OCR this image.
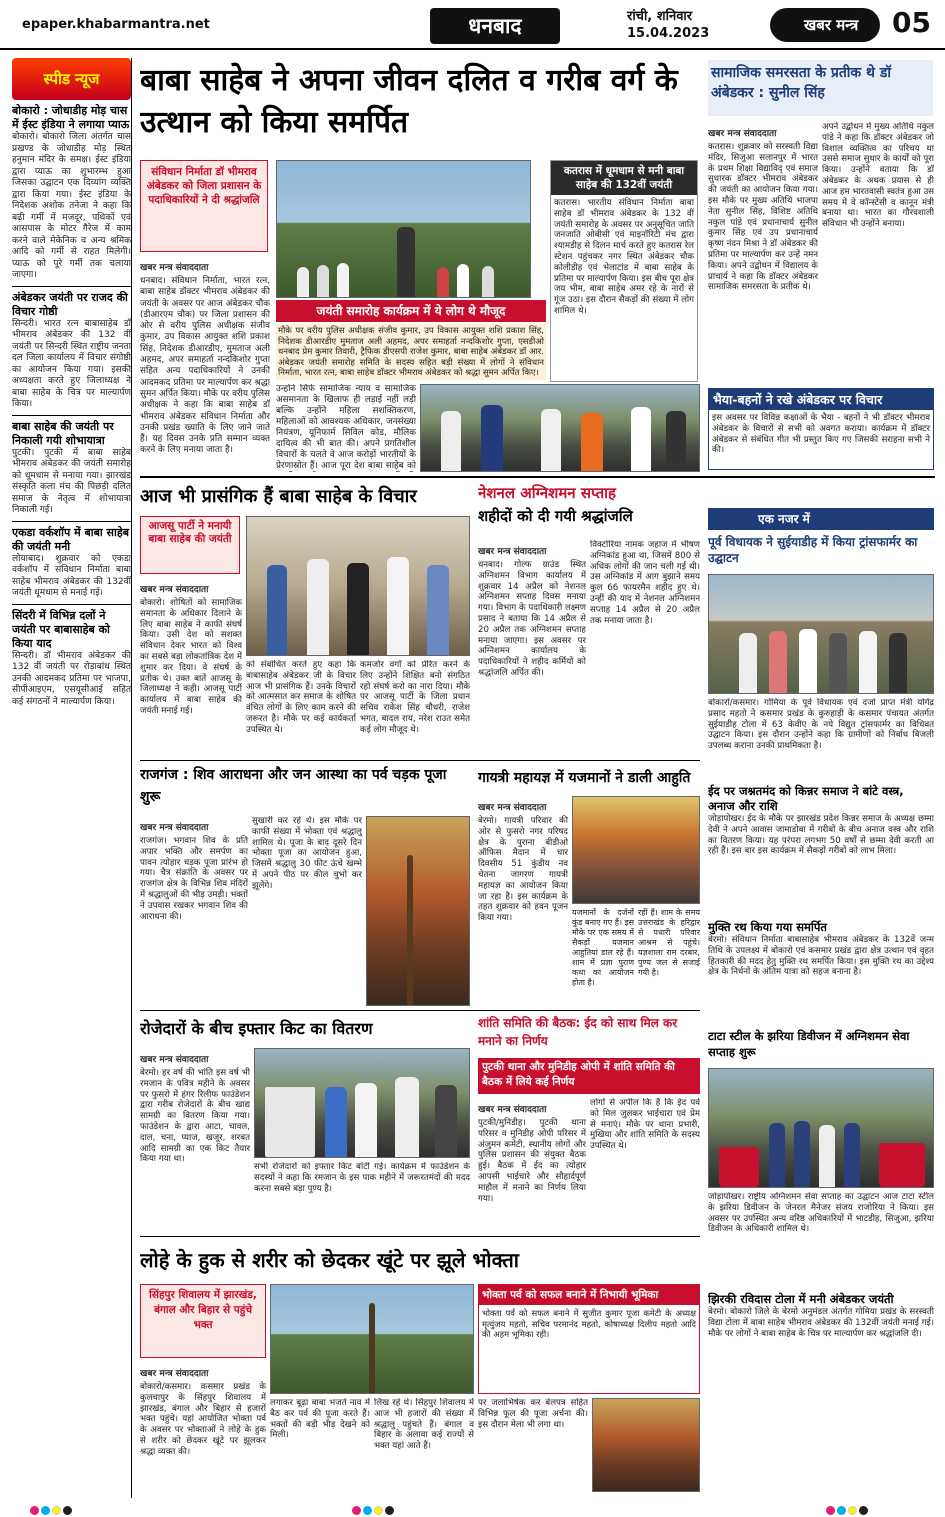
epaper.khabarmantra.net	धनबाद	रांची, शनिवार
15.04.2023	खबर मन्त्र	05
स्पीड न्यूज
बोकारो : जोधाडीह मोड़ चास में ईस्ट इंडिया ने लगाया प्याऊ
बोकारो। बोकारो जिला अंतर्गत चास प्रखण्ड के जोधाडीह मोड़ स्थित हनुमान मंदिर के समक्ष। ईस्ट इंडिया द्वारा प्याऊ का शुभारम्भ हुआ जिसका उद्घाटन एक दिव्यांग व्यक्ति द्वारा किया गया। ईस्ट इंडिया के निदेशक अशोक तनेजा ने कहा कि बढ़ी गर्मी में मजदूर, पथिकों एवं आसपास के मोटर गैरेज में काम करने वाले मेकेनिक व अन्य श्रमिक आदि को गर्मी से राहत मिलेगी। प्याऊ को पूरे गर्मी तक चलाया जाएगा।
अंबेडकर जयंती पर राजद की विचार गोष्ठी
सिन्दरी। भारत रत्न बाबासाहेब डॉ भीमराव अंबेडकर की 132 वीं जयंती पर सिन्दरी स्थित राष्ट्रीय जनता दल जिला कार्यालय में विचार संगोष्ठी का आयोजन किया गया। इसकी अध्यक्षता करते हुए जिलाध्यक्ष ने बाबा साहेब के चित्र पर माल्यार्पण किया।
बाबा साहेब की जयंती पर निकाली गयी शोभायात्रा
पुटकी। पुटकी में बाबा साहेब भीमराव अंबेडकर की जयंती समारोह को धूमधाम से मनाया गया। झारखंड संस्कृति कला मंच की पिछड़ी दलित समाज के नेतृत्व में शोभायात्रा निकाली गई।
एकडा वर्कशॉप में बाबा साहेब की जयंती मनी
लोयाबाद। शुक्रवार को एकडा वर्कशॉप में संविधान निर्माता बाबा साहेब भीमराव अंबेडकर की 132वीं जयंती धूमधाम से मनाई गई।
सिंदरी में विभिन्न दलों ने जयंती पर बाबासाहेब को किया याद
सिन्दरी। डॉ भीमराव अंबेडकर की 132 वीं जयंती पर रोड़ाबांध स्थित उनकी आदमकद प्रतिमा पर भाजपा, सीपीआइएम, एसयूसीआई सहित कई संगठनों ने माल्यार्पण किया।
बाबा साहेब ने अपना जीवन दलित व गरीब वर्ग के उत्थान को किया समर्पित
संविधान निर्माता डॉ भीमराव अंबेडकर को जिला प्रशासन के पदाधिकारियों ने दी श्रद्धांजलि
खबर मन्त्र संवाददाता
धनबाद। संविधान निर्माता, भारत रत्न, बाबा साहेब डॉक्टर भीमराव अंबेडकर की जयंती के अवसर पर आज अंबेडकर चौक (डीआरएम चौक) पर जिला प्रशासन की ओर से वरीय पुलिस अधीक्षक संजीव कुमार, उप विकास आयुक्त शशि प्रकाश सिंह, निदेशक डीआरडीए, मुमताज अली अहमद, अपर समाहर्ता नन्दकिशोर गुप्ता सहित अन्य पदाधिकारियों ने उनकी आदमकद प्रतिमा पर माल्यार्पण कर श्रद्धा सुमन अर्पित किया। मौके पर वरीय पुलिस अधीक्षक ने कहा कि बाबा साहेब डॉ भीमराव अंबेडकर संविधान निर्माता और उनकी प्रखंड ख्याति के लिए जाने जाते हैं। यह दिवस उनके प्रति सम्मान व्यक्त करने के लिए मनाया जाता है।
जयंती समारोह कार्यक्रम में ये लोग थे मौजूद
मौके पर वरीय पुलिस अधीक्षक संजीव कुमार, उप विकास आयुक्त शशि प्रकाश सिंह, निदेशक डीआरडीए मुमताज अली अहमद, अपर समाहर्ता नन्दकिशोर गुप्ता, एसडीओ धनबाद प्रेम कुमार तिवारी, ट्रैफिक डीएसपी राजेश कुमार, बाबा साहेब अंबेडकर डॉ आर. अंबेडकर जयंती समारोह समिति के सदस्य सहित बड़ी संख्या में लोगों ने संविधान निर्माता, भारत रत्न, बाबा साहेब डॉक्टर भीमराव अंबेडकर को श्रद्धा सुमन अर्पित किए।
उन्होंने सिर्फ सामाजिक न्याय व सामाजिक असमानता के खिलाफ ही लड़ाई नहीं लड़ी बल्कि उन्होंने महिला सशक्तिकरण, महिलाओं को आवश्यक अधिकार, जनसंख्या नियंत्रण, यूनिफार्म सिविल कोड, मौलिक दायित्व की भी बात की। अपने प्रगतिशील विचारों के चलते वे आज करोड़ों भारतीयों के प्रेरणास्रोत हैं। आज पूरा देश बाबा साहेब को
कतरास में धूमधाम से मनी बाबा साहेब की 132वीं जयंती
कतरास। भारतीय संविधान निर्माता बाबा साहेब डॉ भीमराव अंबेडकर के 132 वीं जयंती समारोह के अवसर पर अनुसूचित जाति जनजाति ओबीसी एवं माइनॉरिटी मंच द्वारा श्यामडीह से दिलन मार्च करते हुए कतरास रेल स्टेशन पहुंचकर नगर स्थित अंबेडकर चौक कोलीडीह एवं भेलाटांड में बाबा साहेब के प्रतिमा पर माल्यार्पण किया। इस बीच पूरा क्षेत्र जय भीम, बाबा साहेब अमर रहे के नारों से गूंज उठा। इस दौरान सैकड़ों की संख्या में लोग शामिल थे।
सामाजिक समरसता के प्रतीक थे डॉ अंबेडकर : सुनील सिंह
खबर मन्त्र संवाददाता
कतरास। शुक्रवार को सरस्वती विद्या मंदिर, सिजुआ सलानपुर में भारत के प्रथम शिक्षा विद्याविद् एवं समाज सुधारक डॉक्टर भीमराव अंबेडकर की जयंती का आयोजन किया गया। इस मौके पर मुख्य अतिथि भाजपा नेता सुनील सिंह, विशिष्ट अतिथि नकुल पांडे एवं प्रधानाचार्य सुनील कुमार सिंह एवं उप प्रधानाचार्य कृष्ण नंदन मिश्रा ने डॉ अंबेडकर की प्रतिमा पर माल्यार्पण कर उन्हें नमन किया। अपने उद्बोधन में विद्यालय के प्राचार्य ने कहा कि डॉक्टर अंबेडकर सामाजिक समरसता के प्रतीक थे।
अपने उद्बोधन में मुख्य अतिथि नकुल पांडे ने कहा कि डॉक्टर अंबेडकर जो विशाल व्यक्तित्व का परिचय था उससे समाज सुधार के कार्यों को पूरा किया। उन्होंने बताया कि डॉ अंबेडकर के अथक प्रयास से ही आज हम भारतवासी स्वतंत्र हुआ उस समय में वे कॉन्स्टेंसी व कानून मंत्री बनाया था। भारत का गौरवशाली संविधान भी उन्होंने बनाया।
भैया-बहनों ने रखे अंबेडकर पर विचार
इस अवसर पर विविन्न कक्षाओं के भैया - बहनों ने भी डॉक्टर भीमराव अंबेडकर के विचारों से सभी को अवगत कराया। कार्यक्रम में डॉक्टर अंबेडकर से संबंधित गीत भी प्रस्तुत किए गए जिसकी सराहना सभी ने की।
आज भी प्रासंगिक हैं बाबा साहेब के विचार
आजसू पार्टी ने मनायी बाबा साहेब की जयंती
खबर मन्त्र संवाददाता
बोकारो। शोषितों को सामाजिक समानता के अधिकार दिलाने के लिए बाबा साहेब ने काफी संघर्ष किया। उसी देश को सशक्त संविधान देकर भारत को विश्व का सबसे बड़ा लोकतांत्रिक देश में शुमार कर दिया। वे संघर्ष के प्रतीक थे। उक्त बातें आजसू के जिलाध्यक्ष ने कही। आजसू पार्टी कार्यालय में बाबा साहेब की जयंती मनाई गई।
को संबोधित करते हुए कहा कि बाबासाहेब अंबेडकर जी के विचार आज भी प्रासंगिक हैं। उनके विचारों को आत्मसात कर समाज के शोषित वंचित लोगों के लिए काम करने की जरूरत है। मौके पर कई कार्यकर्ता उपस्थित थे।
कमजोर वर्गों को प्रेरित करने के लिए उन्होंने शिक्षित बनो संगठित रहो संघर्ष करो का नारा दिया। मौके पर आजसू पार्टी के जिला प्रधान सचिव राकेश सिंह चौधरी, राजेश भगत, बादल राय, नरेश राउत समेत कई लोग मौजूद थे।
नेशनल अग्निशमन सप्ताह
शहीदों को दी गयी श्रद्धांजलि
खबर मन्त्र संवाददाता
धनबाद। गोल्फ ग्राउंड स्थित अग्निशमन विभाग कार्यालय में शुक्रवार 14 अप्रैल को नेशनल अग्निशमन सप्ताह दिवस मनाया गया। विभाग के पदाधिकारी लक्ष्मण प्रसाद ने बताया कि 14 अप्रैल से 20 अप्रैल तक अग्निशमन सप्ताह मनाया जाएगा। इस अवसर पर अग्निशमन कार्यालय के पदाधिकारियों ने शहीद कर्मियों को श्रद्धांजलि अर्पित की।
विक्टोरिया नामक जहाज में भीषण अग्निकांड हुआ था, जिसमें 800 से अधिक लोगों की जान चली गई थी। उस अग्निकांड में आग बुझाने समय कुल 66 फायरमैन शहीद हुए थे। उन्हीं की याद में नेशनल अग्निशमन सप्ताह 14 अप्रैल से 20 अप्रैल तक मनाया जाता है।
एक नजर में
पूर्व विधायक ने सुईयाडीह में किया ट्रांसफार्मर का उद्घाटन
बोकारो/कसमार। गोमिया के पूर्व विधायक एवं दर्जा प्राप्त मंत्री योगेंद्र प्रसाद महतो ने कसमार प्रखंड के कुरुहाड़ी के कसमार पंचायत अंतर्गत सुईयाडीह टोला में 63 केवीए के नये विद्युत ट्रांसफार्मर का विधिवत उद्घाटन किया। इस दौरान उन्होंने कहा कि ग्रामीणों को निर्बाध बिजली उपलब्ध कराना उनकी प्राथमिकता है।
ईद पर जश्नतमंद को किन्नर समाज ने बांटे वस्त्र, अनाज और राशि
जोड़ापोखर। ईद के मौके पर झारखंड प्रदेश किन्नर समाज के अध्यक्ष छम्मा देवी ने अपने आवास जामाडोबा में गरीबों के बीच अनाज वस्त्र और राशि का वितरण किया। यह परंपरा लगभग 50 वर्षों से छम्मा देवी करती आ रही हैं। इस बार इस कार्यक्रम में सैकड़ों गरीबों को लाभ मिला।
मुक्ति रथ किया गया समर्पित
बेरमो। संविधान निर्माता बाबासाहेब भीमराव अंबेडकर के 132वें जन्म तिथि के उपलक्ष्य में बोकारो एवं कसमार प्रखंड द्वारा क्षेत्र उत्थान एवं वृहत हितकारी की मदद हेतु मुक्ति रथ समर्पित किया। इस मुक्ति रथ का उद्देश्य क्षेत्र के निर्धनों के अंतिम यात्रा को सहज बनाना है।
टाटा स्टील के झरिया डिवीजन में अग्निशमन सेवा सप्ताह शुरू
जोड़ापोखर। राष्ट्रीय अग्निशमन सेवा सप्ताह का उद्घाटन आज टाटा स्टील के झरिया डिवीजन के जेनरल मैनेजर संजय राजोरिया ने किया। इस अवसर पर उपस्थित अन्य वरिष्ठ अधिकारियों में भाटडीह, सिजुआ, झरिया डिवीजन के अधिकारी शामिल थे।
झिरकी रविदास टोला में मनी अंबेडकर जयंती
बेरमो। बोकारो जिले के बेरमो अनुमंडल अंतर्गत गोमिया प्रखंड के सरस्वती विद्या टोला में बाबा साहेब भीमराव अंबेडकर की 132वीं जयंती मनाई गई। मौके पर लोगों ने बाबा साहेब के चित्र पर माल्यार्पण कर श्रद्धांजलि दी।
राजगंज : शिव आराधना और जन आस्था का पर्व चड़क पूजा शुरू
खबर मन्त्र संवाददाता
राजगंज। भगवान शिव के प्रति अपार भक्ति और समर्पण का पावन त्योहार चड़क पूजा प्रारंभ हो गया। चैत्र संक्रांति के अवसर पर राजगंज क्षेत्र के विभिन्न शिव मंदिरों में श्रद्धालुओं की भीड़ उमड़ी। भक्तों ने उपवास रखकर भगवान शिव की आराधना की।
सुखारी कर रहे थे। इस मौके पर काफी संख्या में भोक्ता एवं श्रद्धालु शामिल थे। पूजा के बाद दूसरे दिन भोक्ता पूजा का आयोजन हुआ, जिसमें श्रद्धालु 30 फीट ऊंचे खम्भे में अपने पीठ पर कील चुभो कर झूलेंगे।
गायत्री महायज्ञ में यजमानों ने डाली आहुति
खबर मन्त्र संवाददाता
बेरमो। गायत्री परिवार की ओर से फुसरो नगर परिषद क्षेत्र के पुराना बीडीओ ऑफिस मैदान में चार दिवसीय 51 कुंडीय नव चेतना जागरण गायत्री महायज्ञ का आयोजन किया जा रहा है। इस कार्यक्रम के तहत शुक्रवार को हवन पूजन किया गया।
यजमानों के दर्जनों कुंड बनाए गए हैं। इस मौके पर एक समय में सैकड़ों यजमान आहुतियां डाल रहे हैं। शाम में प्रज्ञा पुराण कथा का आयोजन होता है।
रहीं हैं। शाम के समय उत्तराखंड के हरिद्वार से पधारी परिवार आश्रम से पहुंचे। यज्ञशाला राम दरबार, पुण्य जल से सजाई गयी है।
रोजेदारों के बीच इफ्तार किट का वितरण
खबर मन्त्र संवाददाता
बेरमो। हर वर्ष की भांति इस वर्ष भी रमजान के पवित्र महीने के अवसर पर फुसरो में हंगर रिलीफ फाउंडेशन द्वारा गरीब रोजेदारों के बीच खाद्य सामग्री का वितरण किया गया। फाउंडेशन के द्वारा आटा, चावल, दाल, चना, प्याज, खजूर, शरबत आदि सामग्री का एक किट तैयार किया गया था।
सभी रोजेदारों को इफ्तार किट बांटी गई। कार्यक्रम में फाउंडेशन के सदस्यों ने कहा कि रमजान के इस पाक महीने में जरूरतमंदों की मदद करना सबसे बड़ा पुण्य है।
शांति समिति की बैठक: ईद को साथ मिल कर मनाने का निर्णय
पुटकी थाना और मुनिडीह ओपी में शांति समिति की बैठक में लिये कई निर्णय
खबर मन्त्र संवाददाता
पुटकी/मुनिडीह। पुटकी थाना परिसर व मुनिडीह ओपी परिसर में अंजुमन कमेटी, स्थानीय लोगों और पुलिस प्रशासन की संयुक्त बैठक हुई। बैठक में ईद का त्योहार आपसी भाईचारे और सौहार्दपूर्ण माहौल में मनाने का निर्णय लिया गया।
लोगों से अपील कि है कि ईद पर्व को मिल जुलकर भाईचारा एवं प्रेम से मनाएं। मौके पर थाना प्रभारी, मुखिया और शांति समिति के सदस्य उपस्थित थे।
लोहे के हुक से शरीर को छेदकर खूंटे पर झूले भोक्ता
सिंहपुर शिवालय में झारखंड, बंगाल और बिहार से पहुंचे भक्त
भोक्ता पर्व को सफल बनाने में निभायी भूमिका
भोक्ता पर्व को सफल बनाने में सुजीत कुमार पूजा कमेटी के अध्यक्ष मृत्युंजय महतो, सचिव परमानंद महतो, कोषाध्यक्ष दिलीप महतो आदि की अहम भूमिका रही।
खबर मन्त्र संवाददाता
बोकारो/कसमार। कसमार प्रखंड के कुलचापुर के सिंहपुर शिवालय में झारखंड, बंगाल और बिहार से हजारों भक्त पहुंचे। यहां आयोजित भोक्ता पर्व के अवसर पर भोक्ताओं ने लोहे के हुक से शरीर को छेदकर खूंटे पर झूलकर श्रद्धा व्यक्त की।
लगाकर बूढ़ा बाबा भजते नाव में बैठ कर पर्व की पूजा करते हैं। भक्तों की बड़ी भीड़ देखने को मिली।
लिख रहे थे। सिंहपुर शिवालय में आज भी हजारों की संख्या में श्रद्धालु पहुंचते हैं। बंगाल व बिहार के अलावा कई राज्यों से भक्त यहां आते हैं।
पर जलाभिषेक कर बेलपत्र सहित विभिन्न फूल की पूजा अर्चना की। इस दौरान मेला भी लगा था।
